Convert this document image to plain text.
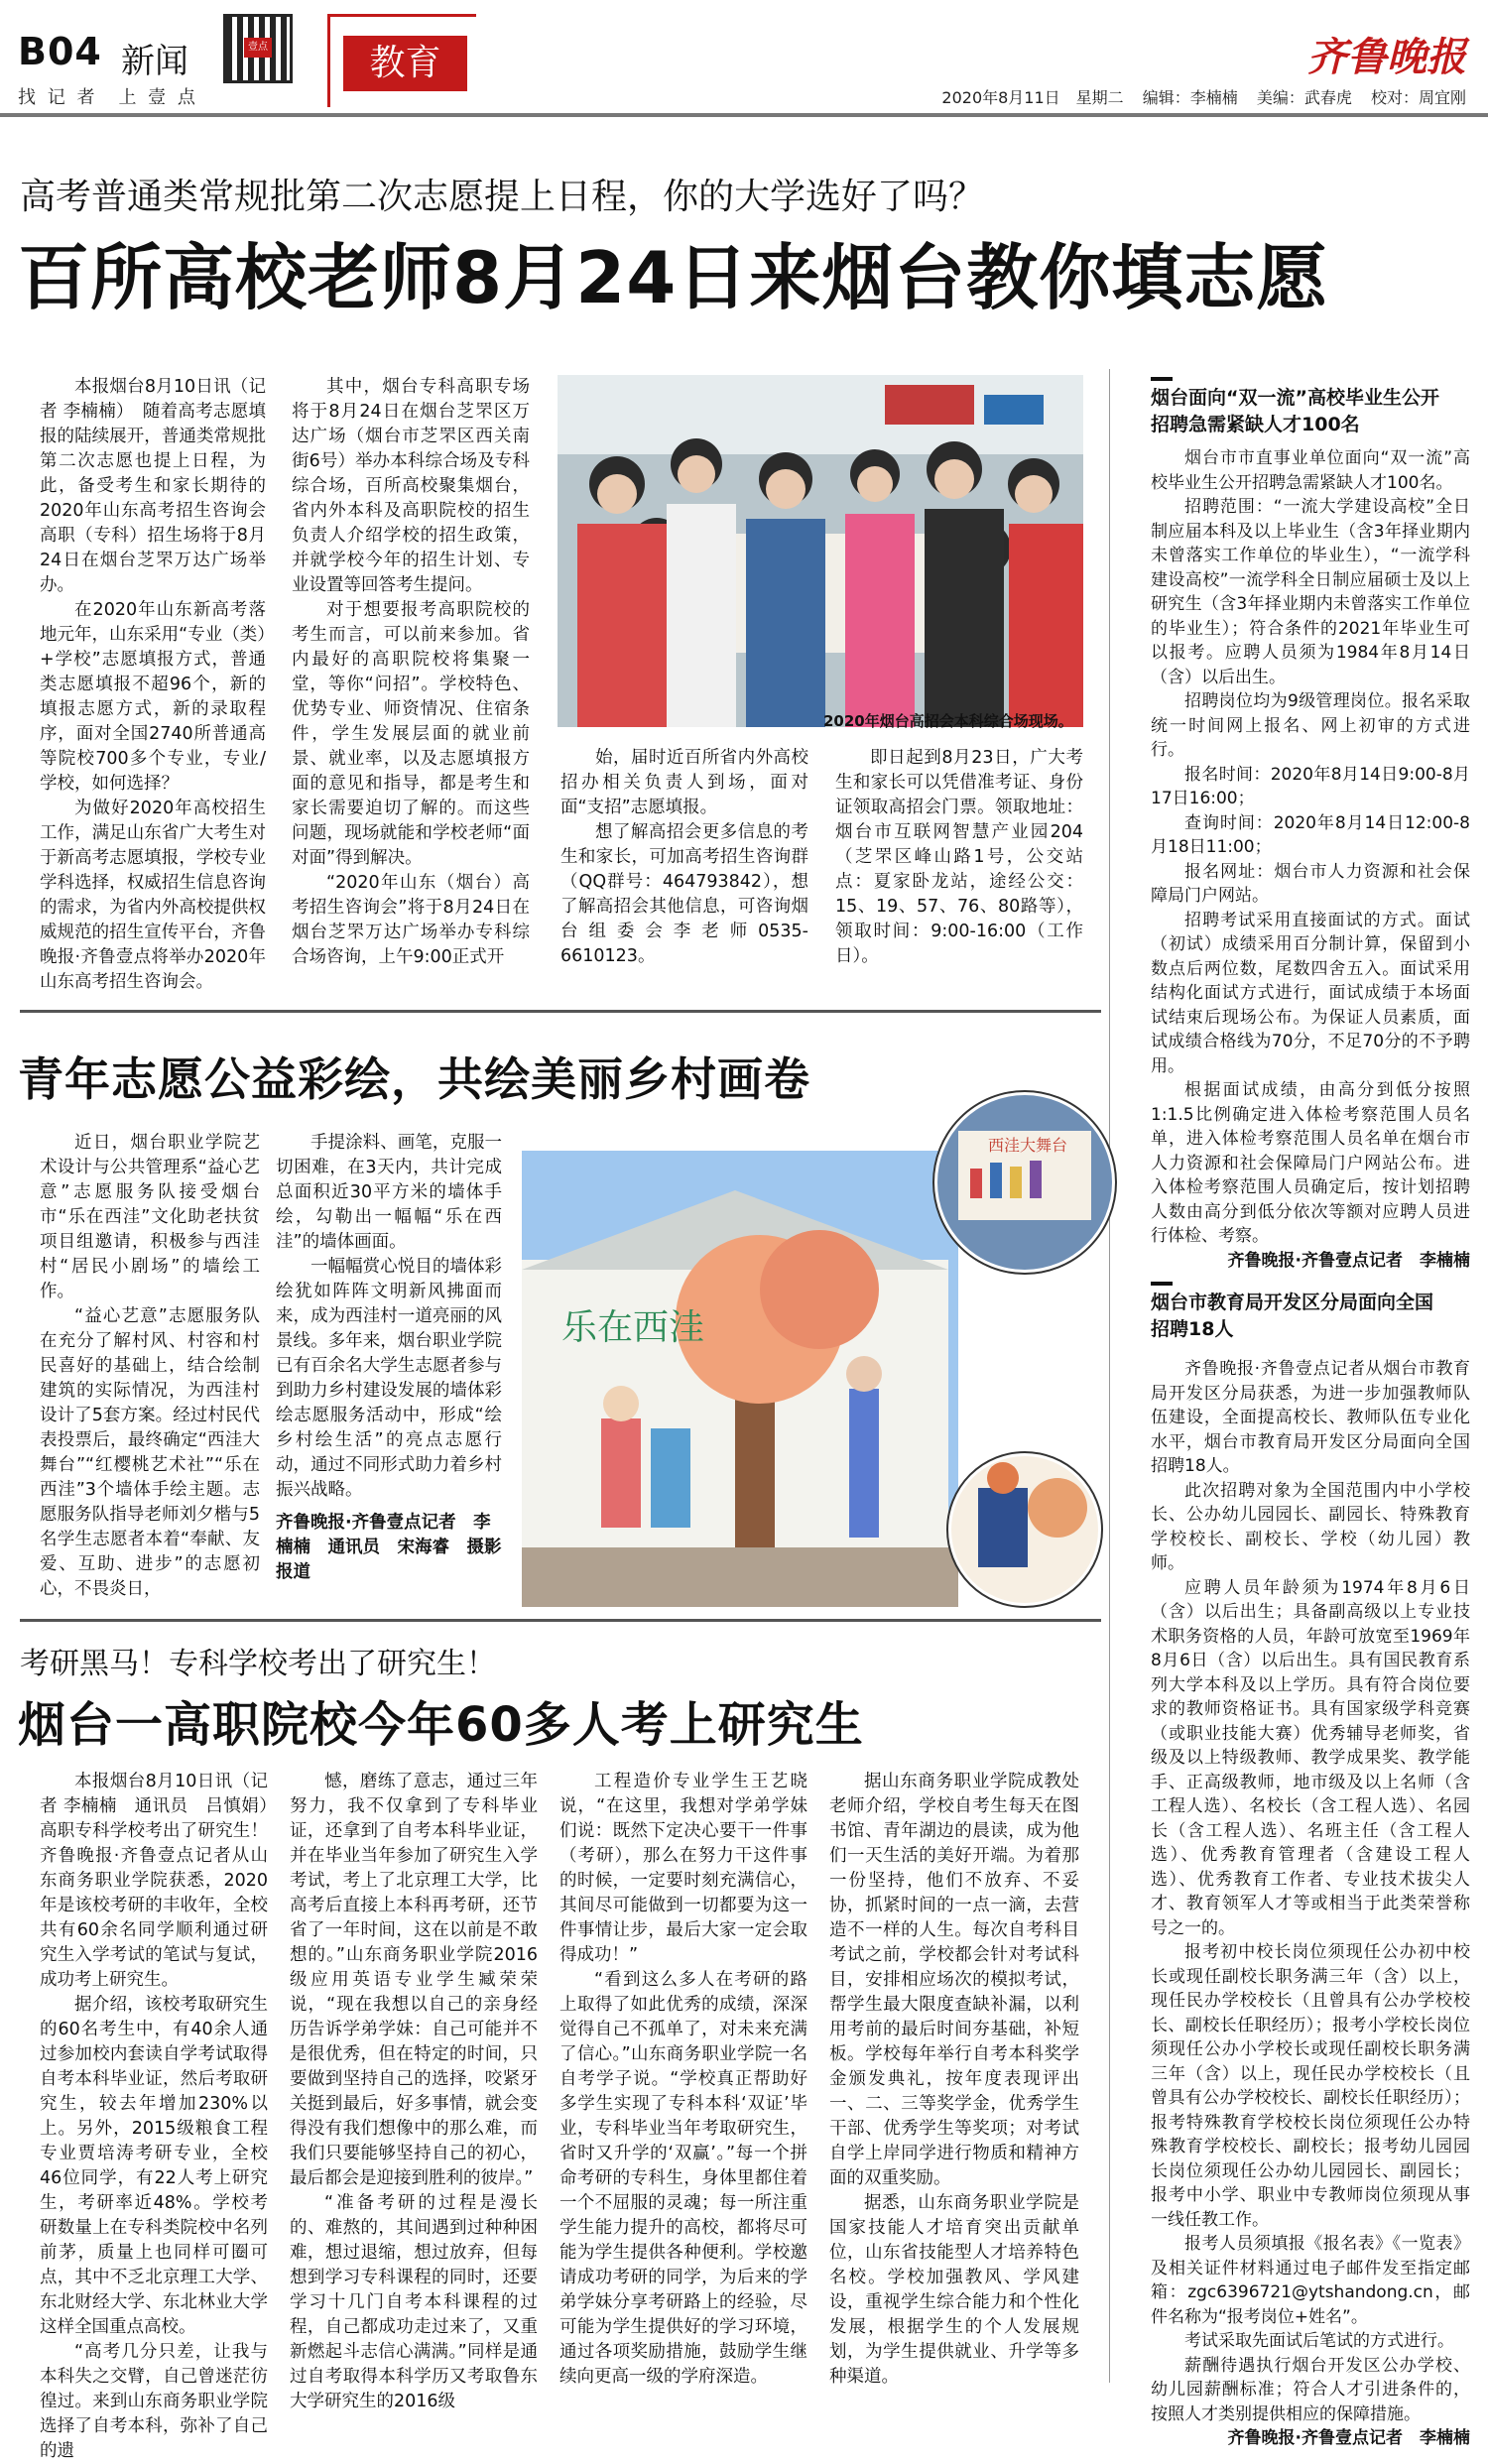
B04 新闻
找 记 者　上 壹 点
壹点	教育	齐鲁晚报
2020年8月11日　星期二 编辑：李楠楠 美编：武春虎 校对：周宜刚
高考普通类常规批第二次志愿提上日程，你的大学选好了吗？
百所高校老师8月24日来烟台教你填志愿

本报烟台8月10日讯（记者 李楠楠）　随着高考志愿填报的陆续展开，普通类常规批第二次志愿也提上日程，为此，备受考生和家长期待的2020年山东高考招生咨询会高职（专科）招生场将于8月24日在烟台芝罘万达广场举办。

在2020年山东新高考落地元年，山东采用“专业（类）+学校”志愿填报方式，普通类志愿填报不超96个，新的填报志愿方式，新的录取程序，面对全国2740所普通高等院校700多个专业，专业/学校，如何选择？

为做好2020年高校招生工作，满足山东省广大考生对于新高考志愿填报，学校专业学科选择，权威招生信息咨询的需求，为省内外高校提供权威规范的招生宣传平台，齐鲁晚报·齐鲁壹点将举办2020年山东高考招生咨询会。

其中，烟台专科高职专场将于8月24日在烟台芝罘区万达广场（烟台市芝罘区西关南街6号）举办本科综合场及专科综合场，百所高校聚集烟台，省内外本科及高职院校的招生负责人介绍学校的招生政策，并就学校今年的招生计划、专业设置等回答考生提问。

对于想要报考高职院校的考生而言，可以前来参加。省内最好的高职院校将集聚一堂，等你“问招”。学校特色、优势专业、师资情况、住宿条件，学生发展层面的就业前景、就业率，以及志愿填报方面的意见和指导，都是考生和家长需要迫切了解的。而这些问题，现场就能和学校老师“面对面”得到解决。

“2020年山东（烟台）高考招生咨询会”将于8月24日在烟台芝罘万达广场举办专科综合场咨询，上午9:00正式开

2020年烟台高招会本科综合场现场。

始，届时近百所省内外高校招办相关负责人到场，面对面“支招”志愿填报。

想了解高招会更多信息的考生和家长，可加高考招生咨询群（QQ群号：464793842），想了解高招会其他信息，可咨询烟台组委会李老师0535-6610123。

即日起到8月23日，广大考生和家长可以凭借准考证、身份证领取高招会门票。领取地址：烟台市互联网智慧产业园204（芝罘区峰山路1号，公交站点：夏家卧龙站，途经公交：15、19、57、76、80路等），领取时间：9:00-16:00（工作日）。

烟台面向“双一流”高校毕业生公开招聘急需紧缺人才100名

烟台市市直事业单位面向“双一流”高校毕业生公开招聘急需紧缺人才100名。

招聘范围：“一流大学建设高校”全日制应届本科及以上毕业生（含3年择业期内未曾落实工作单位的毕业生），“一流学科建设高校”一流学科全日制应届硕士及以上研究生（含3年择业期内未曾落实工作单位的毕业生）；符合条件的2021年毕业生可以报考。应聘人员须为1984年8月14日（含）以后出生。

招聘岗位均为9级管理岗位。报名采取统一时间网上报名、网上初审的方式进行。

报名时间：2020年8月14日9:00-8月17日16:00；

查询时间：2020年8月14日12:00-8月18日11:00；

报名网址：烟台市人力资源和社会保障局门户网站。

招聘考试采用直接面试的方式。面试（初试）成绩采用百分制计算，保留到小数点后两位数，尾数四舍五入。面试采用结构化面试方式进行，面试成绩于本场面试结束后现场公布。为保证人员素质，面试成绩合格线为70分，不足70分的不予聘用。

根据面试成绩，由高分到低分按照1:1.5比例确定进入体检考察范围人员名单，进入体检考察范围人员名单在烟台市人力资源和社会保障局门户网站公布。进入体检考察范围人员确定后，按计划招聘人数由高分到低分依次等额对应聘人员进行体检、考察。

齐鲁晚报·齐鲁壹点记者　李楠楠
烟台市教育局开发区分局面向全国招聘18人

齐鲁晚报·齐鲁壹点记者从烟台市教育局开发区分局获悉，为进一步加强教师队伍建设，全面提高校长、教师队伍专业化水平，烟台市教育局开发区分局面向全国招聘18人。

此次招聘对象为全国范围内中小学校长、公办幼儿园园长、副园长、特殊教育学校校长、副校长、学校（幼儿园）教师。

应聘人员年龄须为1974年8月6日（含）以后出生；具备副高级以上专业技术职务资格的人员，年龄可放宽至1969年8月6日（含）以后出生。具有国民教育系列大学本科及以上学历。具有符合岗位要求的教师资格证书。具有国家级学科竞赛（或职业技能大赛）优秀辅导老师奖，省级及以上特级教师、教学成果奖、教学能手、正高级教师，地市级及以上名师（含工程人选）、名校长（含工程人选）、名园长（含工程人选）、名班主任（含工程人选）、优秀教育管理者（含建设工程人选）、优秀教育工作者、专业技术拔尖人才、教育领军人才等或相当于此类荣誉称号之一的。

报考初中校长岗位须现任公办初中校长或现任副校长职务满三年（含）以上，现任民办学校校长（且曾具有公办学校校长、副校长任职经历）；报考小学校长岗位须现任公办小学校长或现任副校长职务满三年（含）以上，现任民办学校校长（且曾具有公办学校校长、副校长任职经历）；报考特殊教育学校校长岗位须现任公办特殊教育学校校长、副校长；报考幼儿园园长岗位须现任公办幼儿园园长、副园长；报考中小学、职业中专教师岗位须现从事一线任教工作。

报考人员须填报《报名表》《一览表》及相关证件材料通过电子邮件发至指定邮箱：zgc6396721@ytshandong.cn，邮件名称为“报考岗位+姓名”。

考试采取先面试后笔试的方式进行。

薪酬待遇执行烟台开发区公办学校、幼儿园薪酬标准；符合人才引进条件的，按照人才类别提供相应的保障措施。

齐鲁晚报·齐鲁壹点记者　李楠楠
青年志愿公益彩绘，共绘美丽乡村画卷

近日，烟台职业学院艺术设计与公共管理系“益心艺意”志愿服务队接受烟台市“乐在西洼”文化助老扶贫项目组邀请，积极参与西洼村“居民小剧场”的墙绘工作。

“益心艺意”志愿服务队在充分了解村风、村容和村民喜好的基础上，结合绘制建筑的实际情况，为西洼村设计了5套方案。经过村民代表投票后，最终确定“西洼大舞台”“红樱桃艺术社”“乐在西洼”3个墙体手绘主题。志愿服务队指导老师刘夕楷与5名学生志愿者本着“奉献、友爱、互助、进步”的志愿初心，不畏炎日，

手提涂料、画笔，克服一切困难，在3天内，共计完成总面积近30平方米的墙体手绘，勾勒出一幅幅“乐在西洼”的墙体画面。

一幅幅赏心悦目的墙体彩绘犹如阵阵文明新风拂面而来，成为西洼村一道亮丽的风景线。多年来，烟台职业学院已有百余名大学生志愿者参与到助力乡村建设发展的墙体彩绘志愿服务活动中，形成“绘乡村绘生活”的亮点志愿行动，通过不同形式助力着乡村振兴战略。

齐鲁晚报·齐鲁壹点记者　李楠楠　通讯员　宋海睿　摄影报道
乐在西洼
西洼大舞台
考研黑马！专科学校考出了研究生！
烟台一高职院校今年60多人考上研究生

本报烟台8月10日讯（记者 李楠楠　通讯员　吕慎娟）　高职专科学校考出了研究生！齐鲁晚报·齐鲁壹点记者从山东商务职业学院获悉，2020年是该校考研的丰收年，全校共有60余名同学顺利通过研究生入学考试的笔试与复试，成功考上研究生。

据介绍，该校考取研究生的60名考生中，有40余人通过参加校内套读自学考试取得自考本科毕业证，然后考取研究生，较去年增加230%以上。另外，2015级粮食工程专业贾培涛考研专业，全校46位同学，有22人考上研究生，考研率近48%。学校考研数量上在专科类院校中名列前茅，质量上也同样可圈可点，其中不乏北京理工大学、东北财经大学、东北林业大学这样全国重点高校。

“高考几分只差，让我与本科失之交臂，自己曾迷茫彷徨过。来到山东商务职业学院选择了自考本科，弥补了自己的遗

憾，磨练了意志，通过三年努力，我不仅拿到了专科毕业证，还拿到了自考本科毕业证，并在毕业当年参加了研究生入学考试，考上了北京理工大学，比高考后直接上本科再考研，还节省了一年时间，这在以前是不敢想的。”山东商务职业学院2016级应用英语专业学生臧荣荣说，“现在我想以自己的亲身经历告诉学弟学妹：自己可能并不是很优秀，但在特定的时间，只要做到坚持自己的选择，咬紧牙关挺到最后，好多事情，就会变得没有我们想像中的那么难，而我们只要能够坚持自己的初心，最后都会是迎接到胜利的彼岸。”

“准备考研的过程是漫长的、难熬的，其间遇到过种种困难，想过退缩，想过放弃，但每想到学习专科课程的同时，还要学习十几门自考本科课程的过程，自己都成功走过来了，又重新燃起斗志信心满满。”同样是通过自考取得本科学历又考取鲁东大学研究生的2016级

工程造价专业学生王艺晓说，“在这里，我想对学弟学妹们说：既然下定决心要干一件事（考研），那么在努力干这件事的时候，一定要时刻充满信心，其间尽可能做到一切都要为这一件事情让步，最后大家一定会取得成功！”

“看到这么多人在考研的路上取得了如此优秀的成绩，深深觉得自己不孤单了，对未来充满了信心。”山东商务职业学院一名自考学子说。“学校真正帮助好多学生实现了专科本科‘双证’毕业，专科毕业当年考取研究生，省时又升学的‘双赢’。”每一个拼命考研的专科生，身体里都住着一个不屈服的灵魂；每一所注重学生能力提升的高校，都将尽可能为学生提供各种便利。学校邀请成功考研的同学，为后来的学弟学妹分享考研路上的经验，尽可能为学生提供好的学习环境，通过各项奖励措施，鼓励学生继续向更高一级的学府深造。

据山东商务职业学院成教处老师介绍，学校自考生每天在图书馆、青年湖边的晨读，成为他们一天生活的美好开端。为着那一份坚持，他们不放弃、不妥协，抓紧时间的一点一滴，去营造不一样的人生。每次自考科目考试之前，学校都会针对考试科目，安排相应场次的模拟考试，帮学生最大限度查缺补漏，以利用考前的最后时间夯基础，补短板。学校每年举行自考本科奖学金颁发典礼，按年度表现评出一、二、三等奖学金，优秀学生干部、优秀学生等奖项；对考试自学上岸同学进行物质和精神方面的双重奖励。

据悉，山东商务职业学院是国家技能人才培育突出贡献单位，山东省技能型人才培养特色名校。学校加强教风、学风建设，重视学生综合能力和个性化发展，根据学生的个人发展规划，为学生提供就业、升学等多种渠道。
